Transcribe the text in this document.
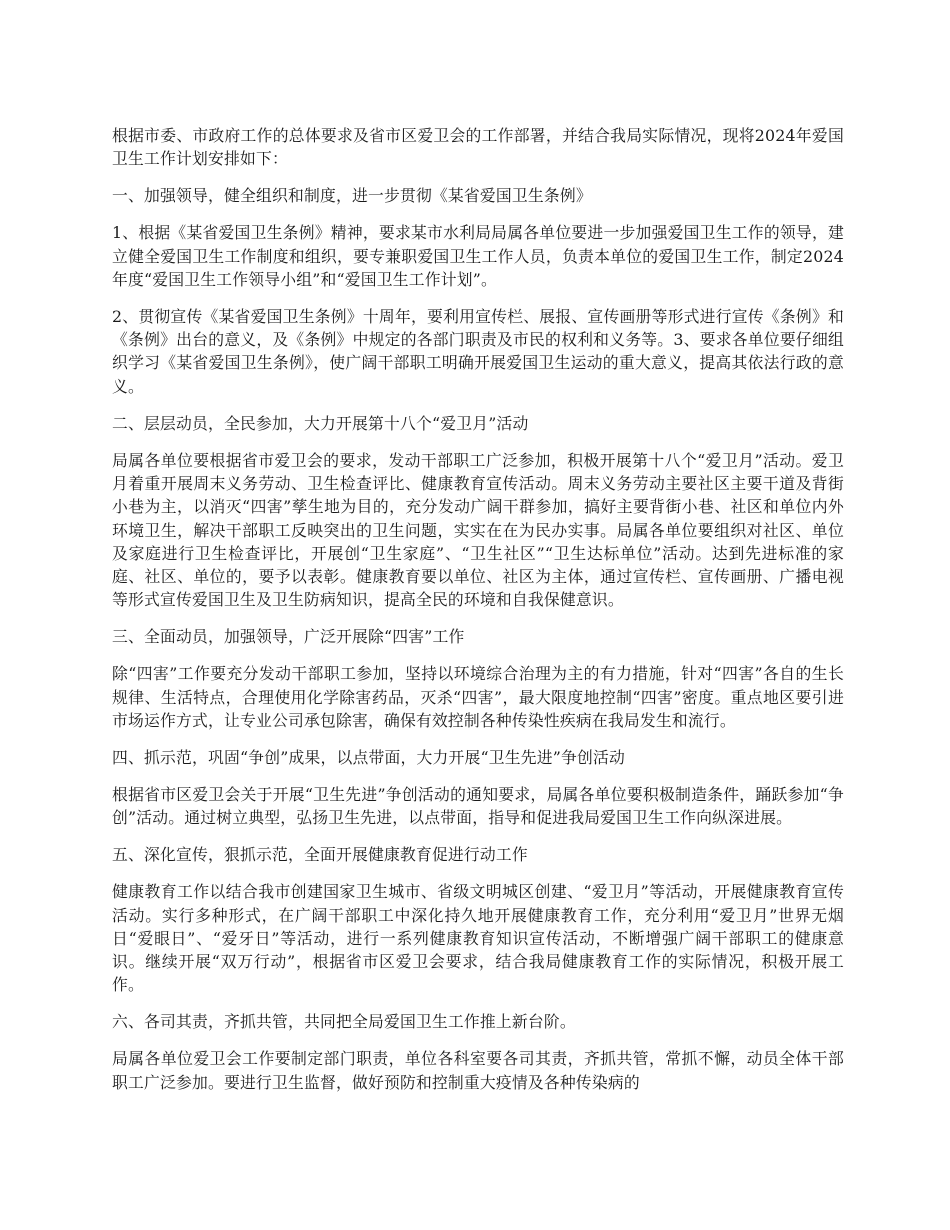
根据市委、市政府工作的总体要求及省市区爱卫会的工作部署，并结合我局实际情况，现将2024年爱国卫生工作计划安排如下：

一、加强领导，健全组织和制度，进一步贯彻《某省爱国卫生条例》

1、根据《某省爱国卫生条例》精神，要求某市水利局局属各单位要进一步加强爱国卫生工作的领导，建立健全爱国卫生工作制度和组织，要专兼职爱国卫生工作人员，负责本单位的爱国卫生工作，制定2024年度“爱国卫生工作领导小组”和“爱国卫生工作计划”。

2、贯彻宣传《某省爱国卫生条例》十周年，要利用宣传栏、展报、宣传画册等形式进行宣传《条例》和《条例》出台的意义，及《条例》中规定的各部门职责及市民的权利和义务等。3、要求各单位要仔细组织学习《某省爱国卫生条例》，使广阔干部职工明确开展爱国卫生运动的重大意义，提高其依法行政的意义。

二、层层动员，全民参加，大力开展第十八个“爱卫月”活动

局属各单位要根据省市爱卫会的要求，发动干部职工广泛参加，积极开展第十八个“爱卫月”活动。爱卫月着重开展周末义务劳动、卫生检查评比、健康教育宣传活动。周末义务劳动主要社区主要干道及背街小巷为主，以消灭“四害”孳生地为目的，充分发动广阔干群参加，搞好主要背街小巷、社区和单位内外环境卫生，解决干部职工反映突出的卫生问题，实实在在为民办实事。局属各单位要组织对社区、单位及家庭进行卫生检查评比，开展创“卫生家庭”、“卫生社区”“卫生达标单位”活动。达到先进标准的家庭、社区、单位的，要予以表彰。健康教育要以单位、社区为主体，通过宣传栏、宣传画册、广播电视等形式宣传爱国卫生及卫生防病知识，提高全民的环境和自我保健意识。

三、全面动员，加强领导，广泛开展除“四害”工作

除“四害”工作要充分发动干部职工参加，坚持以环境综合治理为主的有力措施，针对“四害”各自的生长规律、生活特点，合理使用化学除害药品，灭杀“四害”，最大限度地控制“四害”密度。重点地区要引进市场运作方式，让专业公司承包除害，确保有效控制各种传染性疾病在我局发生和流行。

四、抓示范，巩固“争创”成果，以点带面，大力开展“卫生先进”争创活动

根据省市区爱卫会关于开展“卫生先进”争创活动的通知要求，局属各单位要积极制造条件，踊跃参加“争创”活动。通过树立典型，弘扬卫生先进，以点带面，指导和促进我局爱国卫生工作向纵深进展。

五、深化宣传，狠抓示范，全面开展健康教育促进行动工作

健康教育工作以结合我市创建国家卫生城市、省级文明城区创建、“爱卫月”等活动，开展健康教育宣传活动。实行多种形式，在广阔干部职工中深化持久地开展健康教育工作，充分利用“爱卫月”世界无烟日“爱眼日”、“爱牙日”等活动，进行一系列健康教育知识宣传活动，不断增强广阔干部职工的健康意识。继续开展“双万行动”，根据省市区爱卫会要求，结合我局健康教育工作的实际情况，积极开展工作。

六、各司其责，齐抓共管，共同把全局爱国卫生工作推上新台阶。

局属各单位爱卫会工作要制定部门职责，单位各科室要各司其责，齐抓共管，常抓不懈，动员全体干部职工广泛参加。要进行卫生监督，做好预防和控制重大疫情及各种传染病的
